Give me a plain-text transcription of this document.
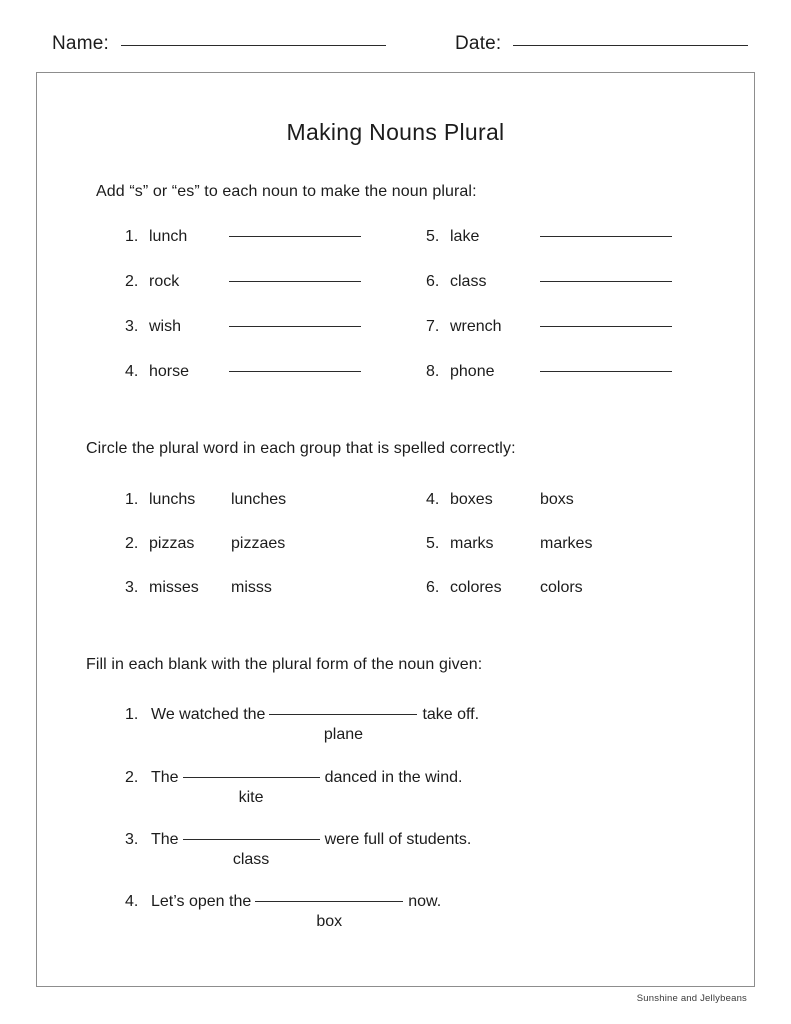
Name:	Date:
Making Nouns Plural
Add “s” or “es” to each noun to make the noun plural:
1. lunch
2. rock
3. wish
4. horse
5. lake
6. class
7. wrench
8. phone
Circle the plural word in each group that is spelled correctly:
1. lunchs lunches
2. pizzas pizzaes
3. misses misss
4. boxes	boxs
5. marks	markes
6. colores colors
Fill in each blank with the plural form of the noun given:
1. We watched the
plane
take off.
2. The
kite
danced in the wind.
3. The
class
were full of students.
4. Let’s open the
box
now.
Sunshine and Jellybeans
